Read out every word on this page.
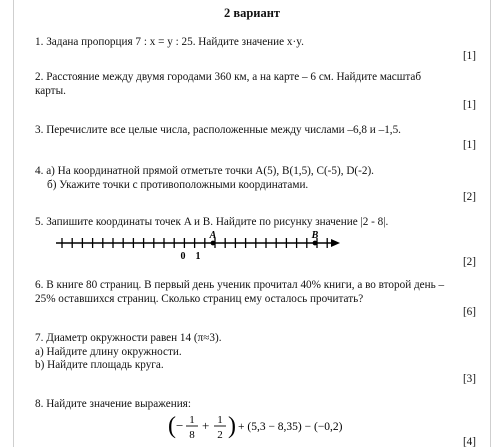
2 вариант
1. Задана пропорция 7 : x = y : 25. Найдите значение x·y.
[1]
2. Расстояние между двумя городами 360 км, а на карте – 6 см. Найдите масштаб
карты.
[1]
3. Перечислите все целые числа, расположенные между числами –6,8 и –1,5.
[1]
4. а) На координатной прямой отметьте точки A(5), B(1,5), C(-5), D(-2).
б) Укажите точки с противоположными координатами.
[2]
5. Запишите координаты точек A и B. Найдите по рисунку значение |2 - 8|.
0 1
A	B
[2]
6. В книге 80 страниц. В первый день ученик прочитал 40% книги, а во второй день –
25% оставшихся страниц. Сколько страниц ему осталось прочитать?
[6]
7. Диаметр окружности равен 14 (π≈3).
a) Найдите длину окружности.
b) Найдите площадь круга.
[3]
8. Найдите значение выражения:
( − 1
8
+ 1
2 ) + (5,3 − 8,35) − (−0,2)
[4]
